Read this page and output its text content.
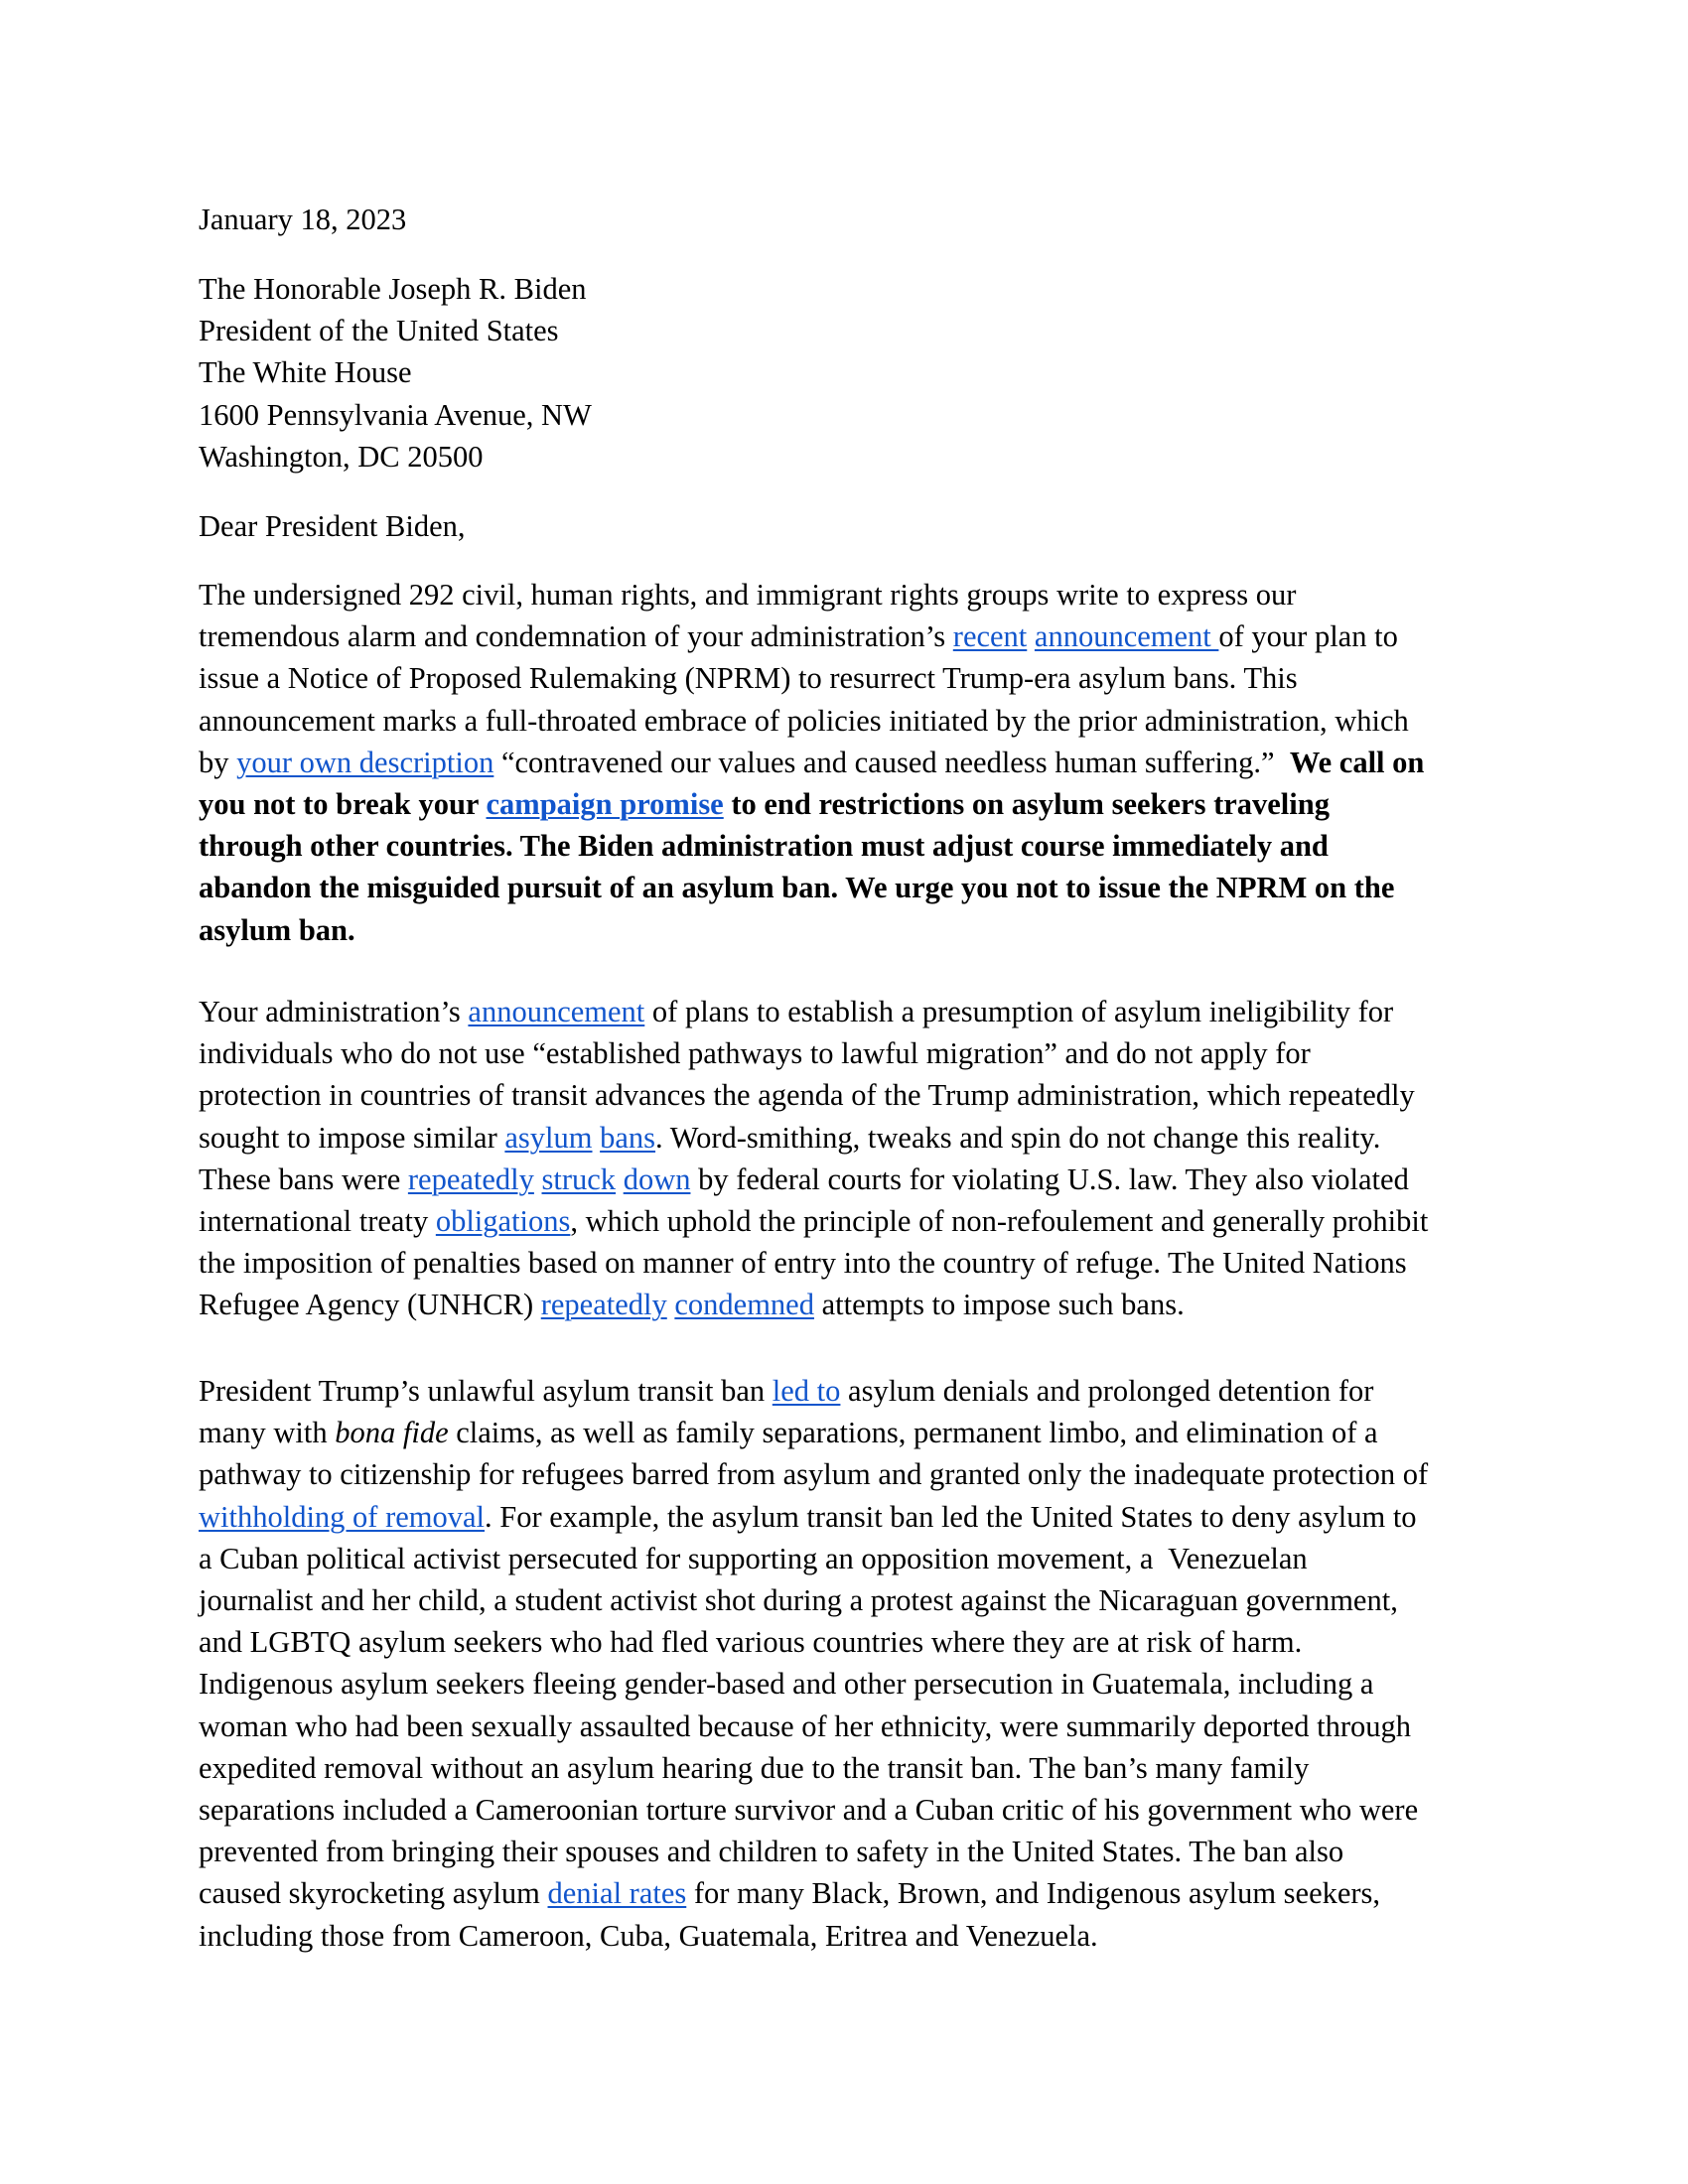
January 18, 2023
The Honorable Joseph R. Biden
President of the United States
The White House
1600 Pennsylvania Avenue, NW
Washington, DC 20500
Dear President Biden,
The undersigned 292 civil, human rights, and immigrant rights groups write to express our
tremendous alarm and condemnation of your administration’s recent announcement of your plan to
issue a Notice of Proposed Rulemaking (NPRM) to resurrect Trump-era asylum bans. This
announcement marks a full-throated embrace of policies initiated by the prior administration, which
by your own description “contravened our values and caused needless human suffering.”  We call on
you not to break your campaign promise to end restrictions on asylum seekers traveling
through other countries. The Biden administration must adjust course immediately and
abandon the misguided pursuit of an asylum ban. We urge you not to issue the NPRM on the
asylum ban.
Your administration’s announcement of plans to establish a presumption of asylum ineligibility for
individuals who do not use “established pathways to lawful migration” and do not apply for
protection in countries of transit advances the agenda of the Trump administration, which repeatedly
sought to impose similar asylum bans. Word-smithing, tweaks and spin do not change this reality.
These bans were repeatedly struck down by federal courts for violating U.S. law. They also violated
international treaty obligations, which uphold the principle of non-refoulement and generally prohibit
the imposition of penalties based on manner of entry into the country of refuge. The United Nations
Refugee Agency (UNHCR) repeatedly condemned attempts to impose such bans.
President Trump’s unlawful asylum transit ban led to asylum denials and prolonged detention for
many with bona fide claims, as well as family separations, permanent limbo, and elimination of a
pathway to citizenship for refugees barred from asylum and granted only the inadequate protection of
withholding of removal. For example, the asylum transit ban led the United States to deny asylum to
a Cuban political activist persecuted for supporting an opposition movement, a  Venezuelan
journalist and her child, a student activist shot during a protest against the Nicaraguan government,
and LGBTQ asylum seekers who had fled various countries where they are at risk of harm.
Indigenous asylum seekers fleeing gender-based and other persecution in Guatemala, including a
woman who had been sexually assaulted because of her ethnicity, were summarily deported through
expedited removal without an asylum hearing due to the transit ban. The ban’s many family
separations included a Cameroonian torture survivor and a Cuban critic of his government who were
prevented from bringing their spouses and children to safety in the United States. The ban also
caused skyrocketing asylum denial rates for many Black, Brown, and Indigenous asylum seekers,
including those from Cameroon, Cuba, Guatemala, Eritrea and Venezuela.
